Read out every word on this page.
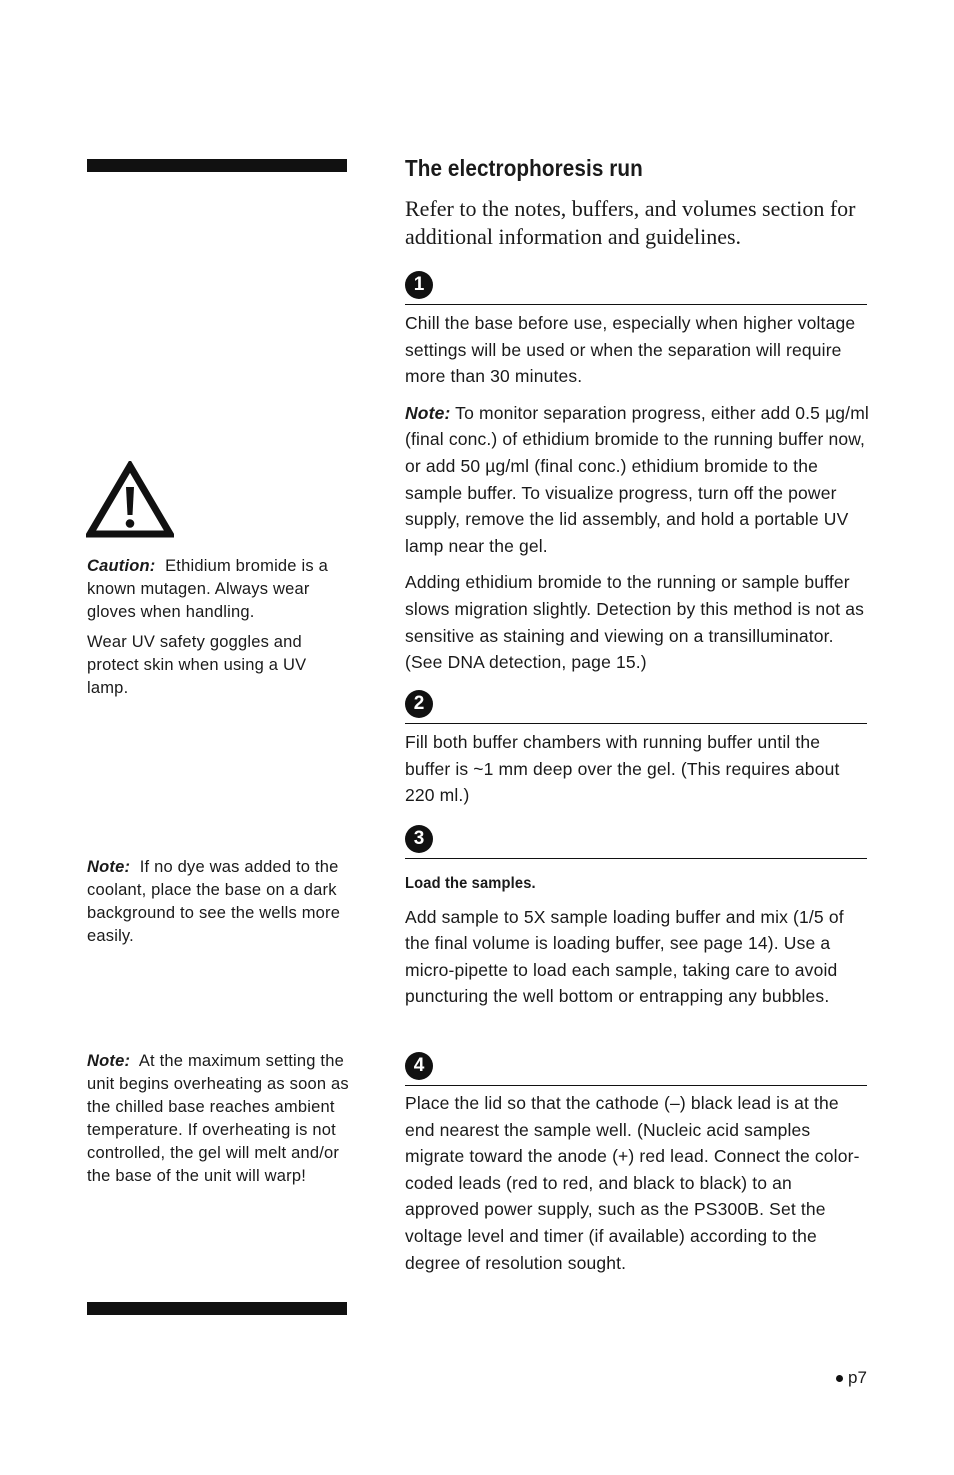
The electrophoresis run
Refer to the notes, buffers, and volumes section for additional information and guidelines.

Caution: Ethidium bromide is a known mutagen. Always wear gloves when handling.

Wear UV safety goggles and protect skin when using a UV lamp.

Note: If no dye was added to the coolant, place the base on a dark background to see the wells more easily.

Note: At the maximum setting the unit begins overheating as soon as the chilled base reaches ambient temperature. If overheating is not controlled, the gel will melt and/or the base of the unit will warp!

1

Chill the base before use, especially when higher voltage settings will be used or when the separation will require more than 30 minutes.

Note: To monitor separation progress, either add 0.5 µg/ml (final conc.) of ethidium bromide to the running buffer now, or add 50 µg/ml (final conc.) ethidium bromide to the sample buffer. To visualize progress, turn off the power supply, remove the lid assembly, and hold a portable UV lamp near the gel.

Adding ethidium bromide to the running or sample buffer slows migration slightly. Detection by this method is not as sensitive as staining and viewing on a transilluminator. (See DNA detection, page 15.)

2

Fill both buffer chambers with running buffer until the buffer is ~1 mm deep over the gel. (This requires about 220 ml.)

3

Load the samples.

Add sample to 5X sample loading buffer and mix (1/5 of the final volume is loading buffer, see page 14). Use a micro-pipette to load each sample, taking care to avoid puncturing the well bottom or entrapping any bubbles.

4

Place the lid so that the cathode (–) black lead is at the end nearest the sample well. (Nucleic acid samples migrate toward the anode (+) red lead. Connect the color-coded leads (red to red, and black to black) to an approved power supply, such as the PS300B. Set the voltage level and timer (if available) according to the degree of resolution sought.

p7
